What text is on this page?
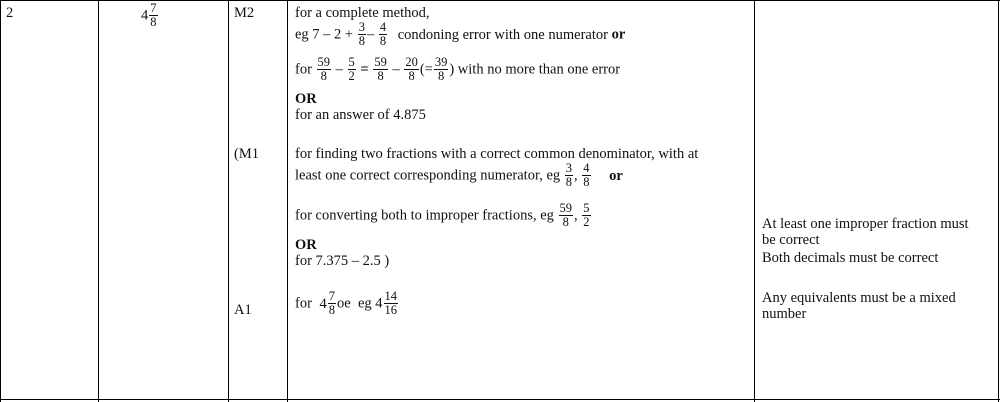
2	$4 \frac{7}{8}$	M2
(M1
A1
for a complete method,
eg $7 - 2 + \frac{3}{8} - \frac{4}{8}$ condoning error with one numerator or
for $\frac{59}{8} - \frac{5}{2} = \frac{59}{8} - \frac{20}{8}$ (= $\frac{39}{8}$ ) with no more than one error
OR
for an answer of 4.875
for finding two fractions with a correct common denominator, with at
least one correct corresponding numerator, eg $\frac{3}{8}$ , $\frac{4}{8}$ or
for converting both to improper fractions, eg $\frac{59}{8}$ , $\frac{5}{2}$
OR
for 7.375 – 2.5 )
for $4 \frac{7}{8}$ oe  eg $4 \frac{14}{16}$
At least one improper fraction must
be correct
Both decimals must be correct
Any equivalents must be a mixed
number
